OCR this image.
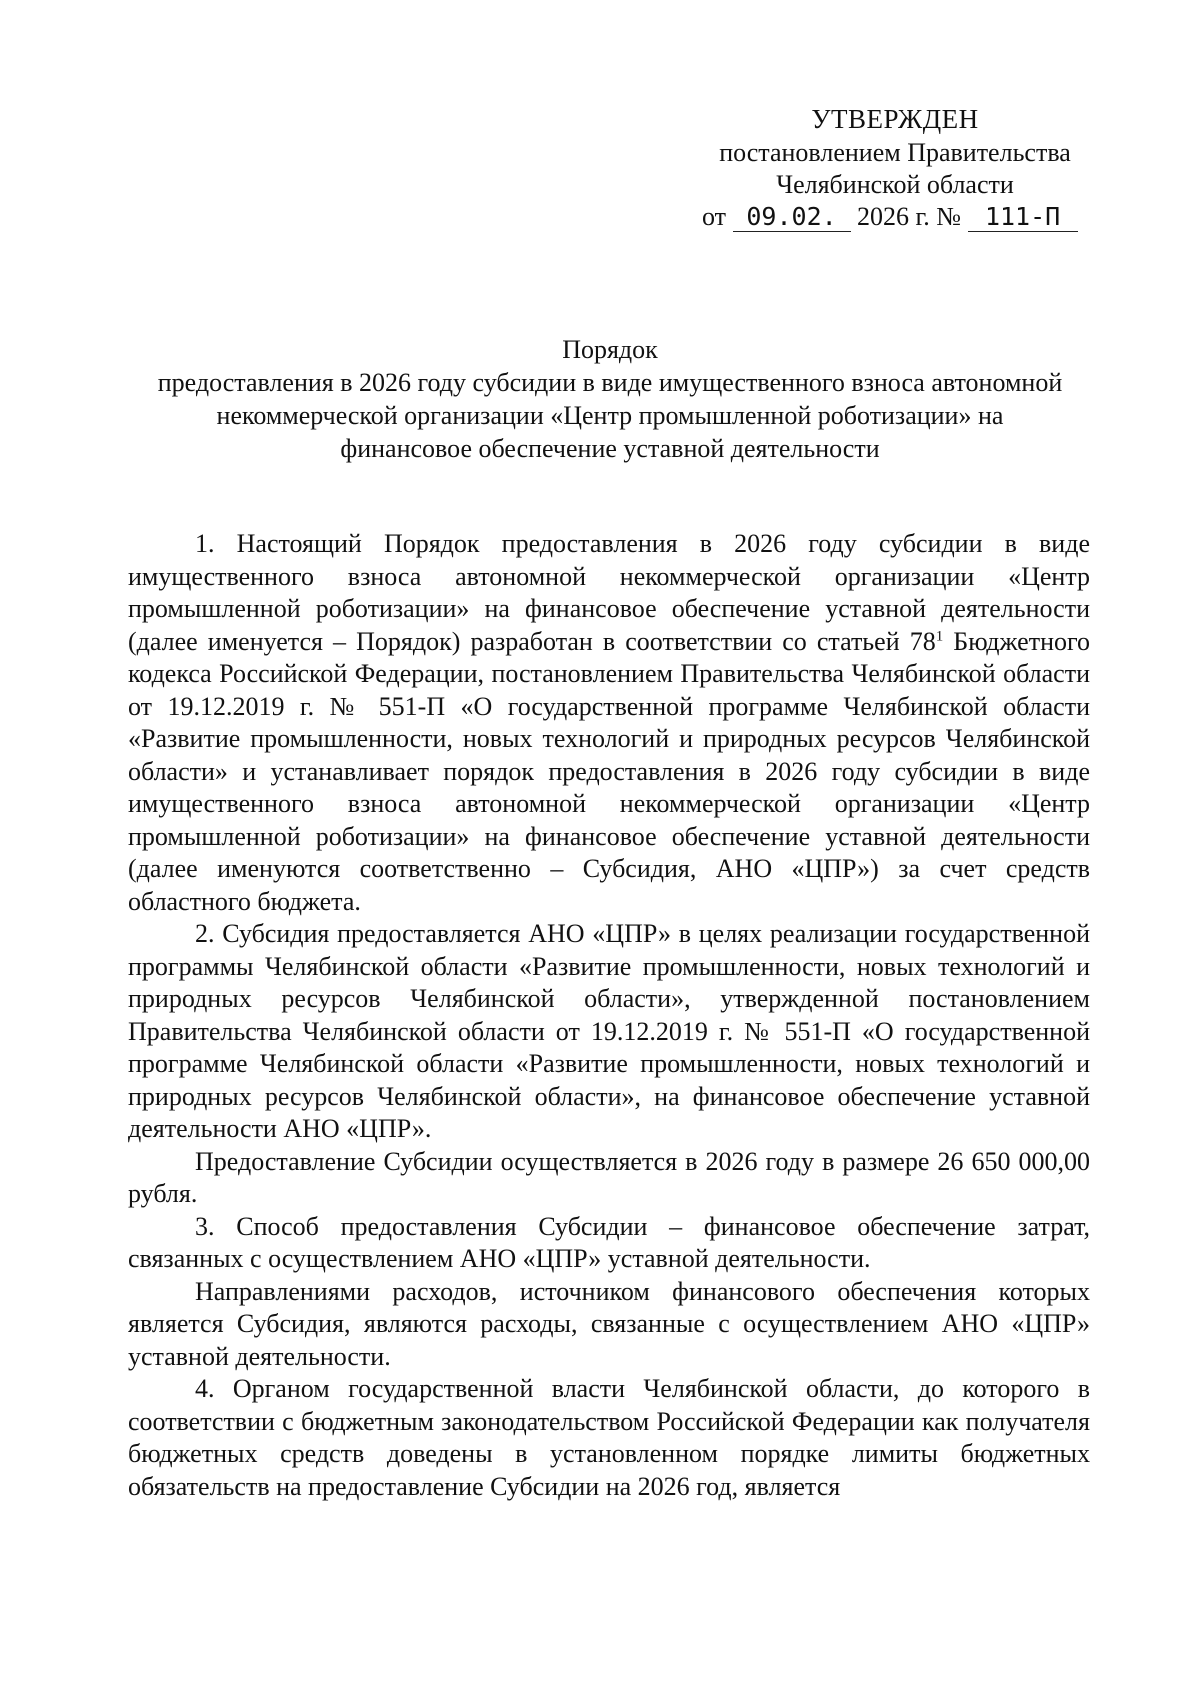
УТВЕРЖДЕН
постановлением Правительства
Челябинской области
от 09.02. 2026 г. № 111-П
Порядок
предоставления в 2026 году субсидии в виде имущественного взноса автономной некоммерческой организации «Центр промышленной роботизации» на финансовое обеспечение уставной деятельности

1. Настоящий Порядок предоставления в 2026 году субсидии в виде имущественного взноса автономной некоммерческой организации «Центр промышленной роботизации» на финансовое обеспечение уставной деятельности (далее именуется – Порядок) разработан в соответствии со статьей $78^1$ Бюджетного кодекса Российской Федерации, постановлением Правительства Челябинской области от 19.12.2019 г. № 551-П «О государственной программе Челябинской области «Развитие промышленности, новых технологий и природных ресурсов Челябинской области» и устанавливает порядок предоставления в 2026 году субсидии в виде имущественного взноса автономной некоммерческой организации «Центр промышленной роботизации» на финансовое обеспечение уставной деятельности (далее именуются соответственно – Субсидия, АНО «ЦПР») за счет средств областного бюджета.

2. Субсидия предоставляется АНО «ЦПР» в целях реализации государственной программы Челябинской области «Развитие промышленности, новых технологий и природных ресурсов Челябинской области», утвержденной постановлением Правительства Челябинской области от 19.12.2019 г. № 551-П «О государственной программе Челябинской области «Развитие промышленности, новых технологий и природных ресурсов Челябинской области», на финансовое обеспечение уставной деятельности АНО «ЦПР».

Предоставление Субсидии осуществляется в 2026 году в размере 26 650 000,00 рубля.

3. Способ предоставления Субсидии – финансовое обеспечение затрат, связанных с осуществлением АНО «ЦПР» уставной деятельности.

Направлениями расходов, источником финансового обеспечения которых является Субсидия, являются расходы, связанные с осуществлением АНО «ЦПР» уставной деятельности.

4. Органом государственной власти Челябинской области, до которого в соответствии с бюджетным законодательством Российской Федерации как получателя бюджетных средств доведены в установленном порядке лимиты бюджетных обязательств на предоставление Субсидии на 2026 год, является
